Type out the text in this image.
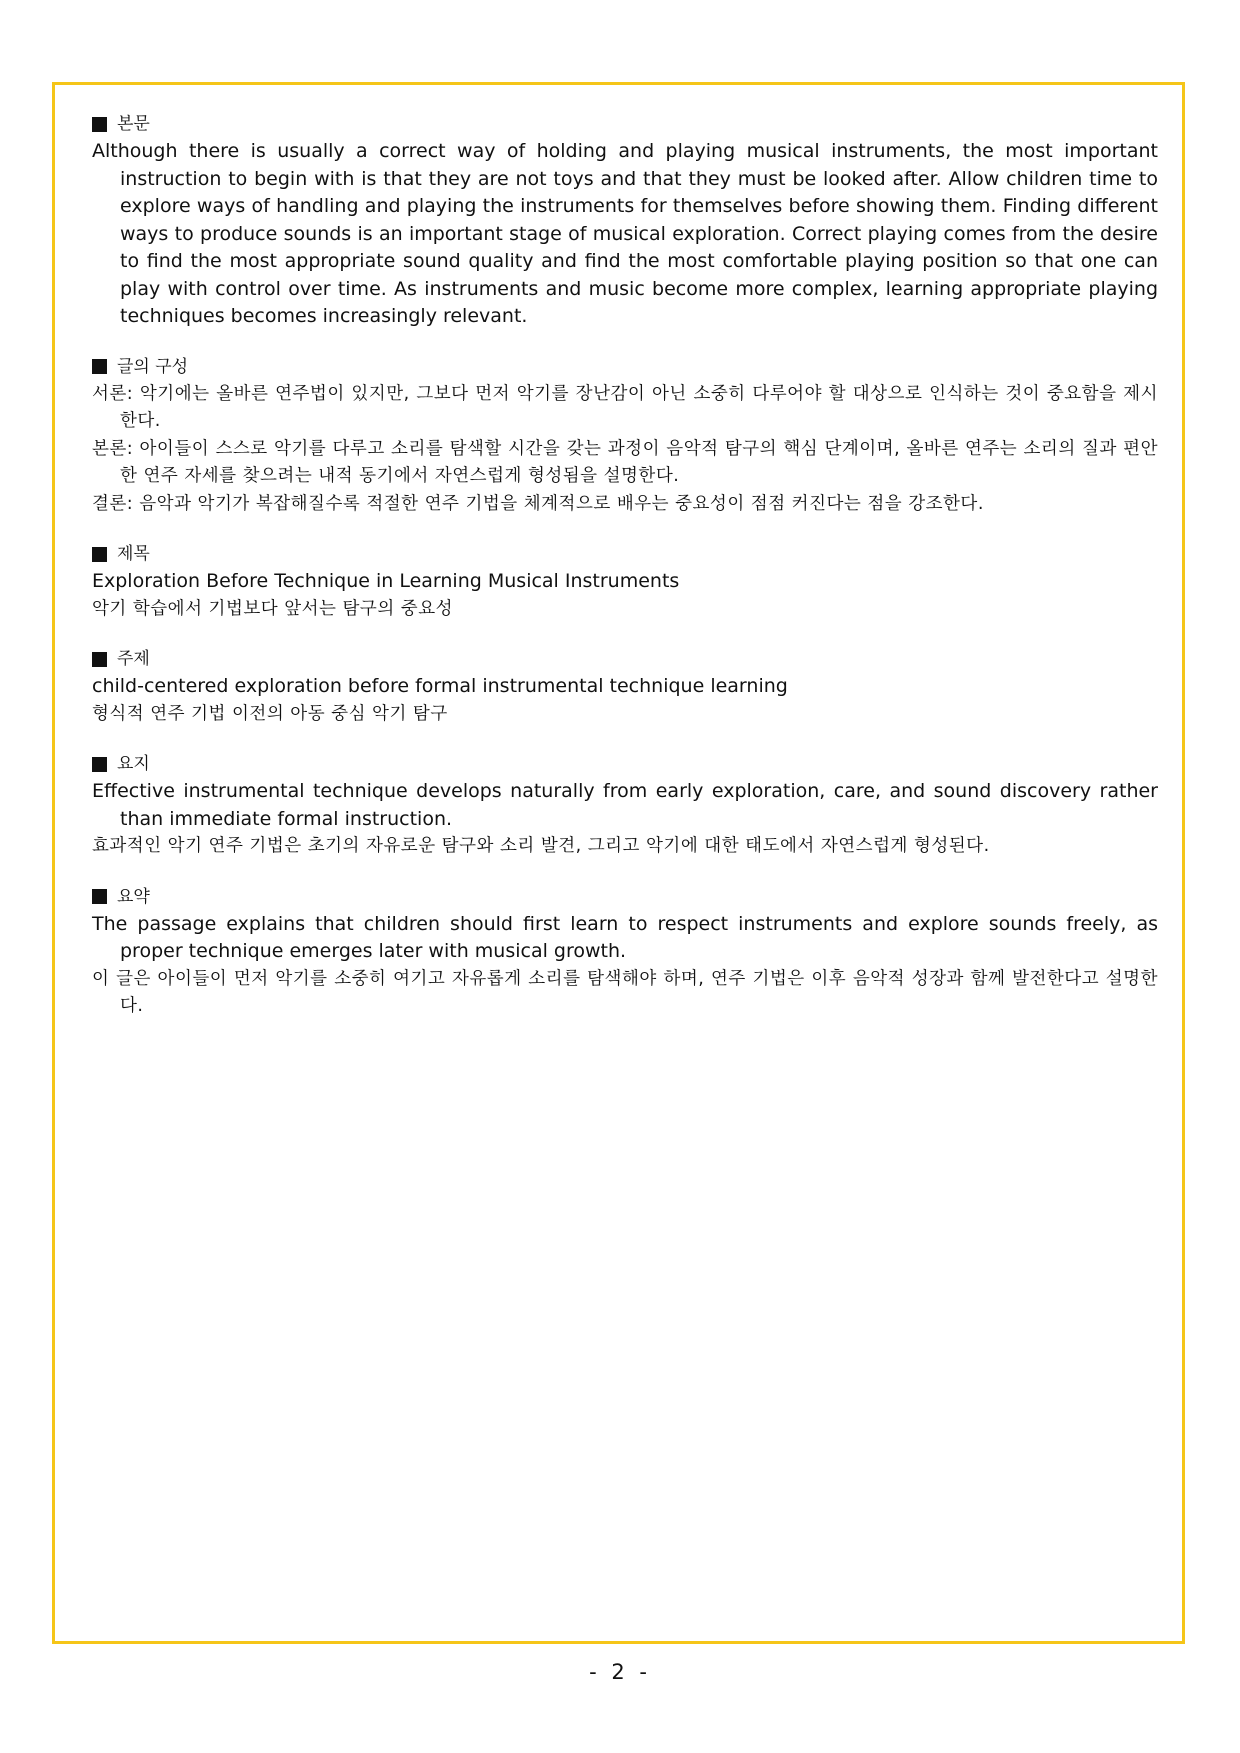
본문

Although there is usually a correct way of holding and playing musical instruments, the most important instruction to begin with is that they are not toys and that they must be looked after. Allow children time to explore ways of handling and playing the instruments for themselves before showing them. Finding different ways to produce sounds is an important stage of musical exploration. Correct playing comes from the desire to find the most appropriate sound quality and find the most comfortable playing position so that one can play with control over time. As instruments and music become more complex, learning appropriate playing techniques becomes increasingly relevant.

글의 구성

서론: 악기에는 올바른 연주법이 있지만, 그보다 먼저 악기를 장난감이 아닌 소중히 다루어야 할 대상으로 인식하는 것이 중요함을 제시한다.

본론: 아이들이 스스로 악기를 다루고 소리를 탐색할 시간을 갖는 과정이 음악적 탐구의 핵심 단계이며, 올바른 연주는 소리의 질과 편안한 연주 자세를 찾으려는 내적 동기에서 자연스럽게 형성됨을 설명한다.

결론: 음악과 악기가 복잡해질수록 적절한 연주 기법을 체계적으로 배우는 중요성이 점점 커진다는 점을 강조한다.

제목

Exploration Before Technique in Learning Musical Instruments

악기 학습에서 기법보다 앞서는 탐구의 중요성

주제

child-centered exploration before formal instrumental technique learning

형식적 연주 기법 이전의 아동 중심 악기 탐구

요지

Effective instrumental technique develops naturally from early exploration, care, and sound discovery rather than immediate formal instruction.

효과적인 악기 연주 기법은 초기의 자유로운 탐구와 소리 발견, 그리고 악기에 대한 태도에서 자연스럽게 형성된다.

요약

The passage explains that children should first learn to respect instruments and explore sounds freely, as proper technique emerges later with musical growth.

이 글은 아이들이 먼저 악기를 소중히 여기고 자유롭게 소리를 탐색해야 하며, 연주 기법은 이후 음악적 성장과 함께 발전한다고 설명한다.

- 2 -
